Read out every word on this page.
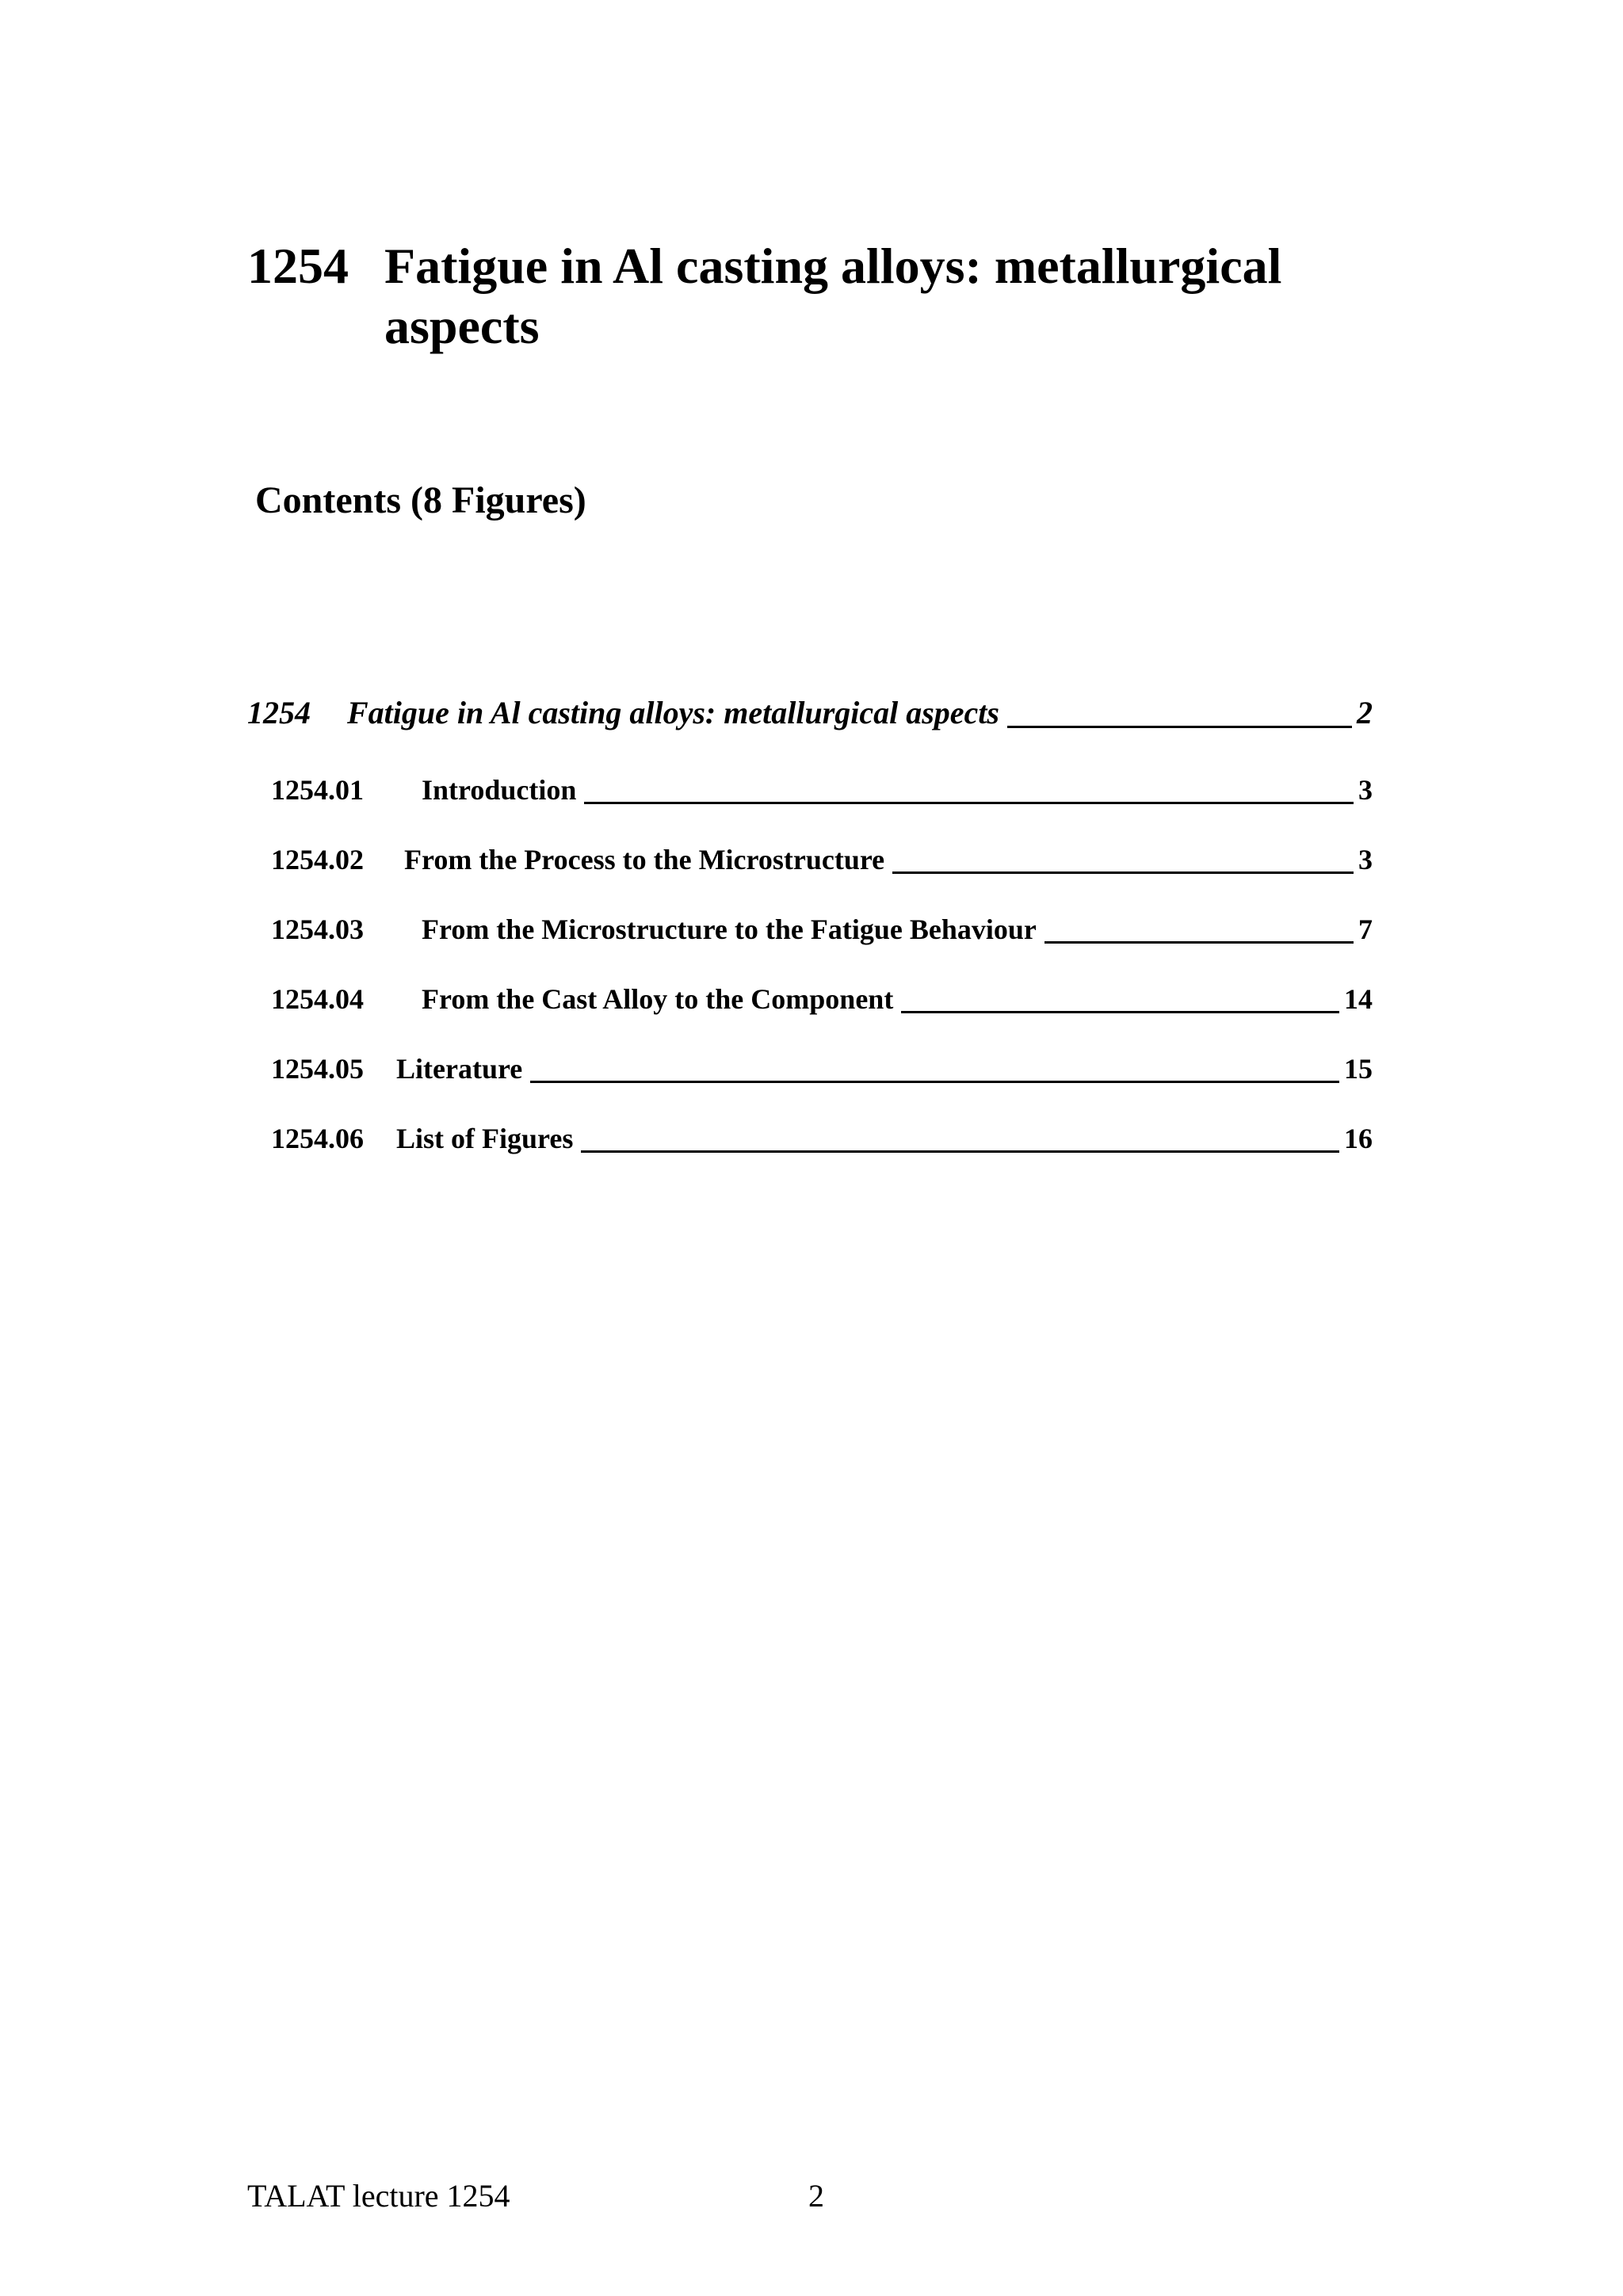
1254 Fatigue in Al casting alloys: metallurgical aspects
Contents (8 Figures)
1254	Fatigue in Al casting alloys: metallurgical aspects	2
1254.01	Introduction	3
1254.02	From the Process to the Microstructure	3
1254.03	From the Microstructure to the Fatigue Behaviour	7
1254.04	From the Cast Alloy to the Component	14
1254.05	Literature	15
1254.06	List of Figures	16
TALAT lecture 1254	2
